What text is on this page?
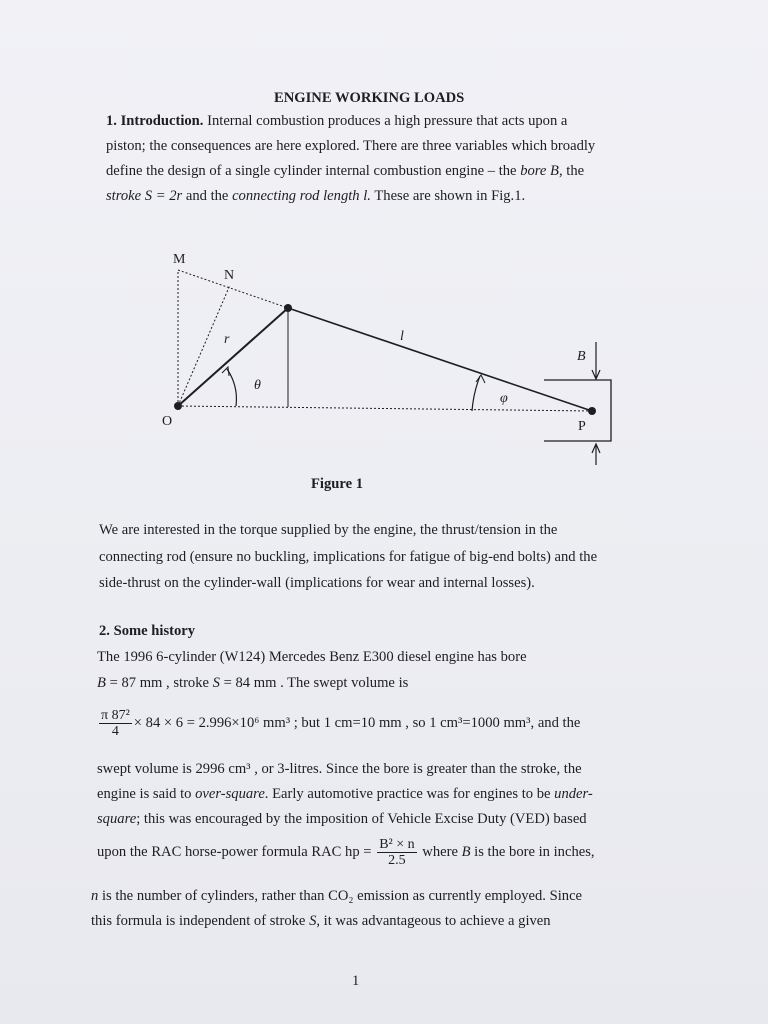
ENGINE WORKING LOADS
1. Introduction. Internal combustion produces a high pressure that acts upon a
piston; the consequences are here explored. There are three variables which broadly
define the design of a single cylinder internal combustion engine – the bore B, the
stroke S = 2r and the connecting rod length l. These are shown in Fig.1.
M
N
r	l
θ
φ
O	P
B
Figure 1
We are interested in the torque supplied by the engine, the thrust/tension in the
connecting rod (ensure no buckling, implications for fatigue of big-end bolts) and the
side-thrust on the cylinder-wall (implications for wear and internal losses).
2. Some history
The 1996 6-cylinder (W124) Mercedes Benz E300 diesel engine has bore
B = 87 mm , stroke S = 84 mm . The swept volume is
$\frac{\text{π 87²}}{4} \times 84 \times 6 = 2.996\times 10^6$ mm³ ; but 1 cm=10 mm , so 1 cm³=1000 mm³, and the
swept volume is 2996 cm³ , or 3-litres. Since the bore is greater than the stroke, the
engine is said to over-square. Early automotive practice was for engines to be under-
square; this was encouraged by the imposition of Vehicle Excise Duty (VED) based
upon the RAC horse-power formula RAC hp = $\frac{\text{B² × n}}{2.5}$ where B is the bore in inches,
n is the number of cylinders, rather than CO₂ emission as currently employed. Since
this formula is independent of stroke S, it was advantageous to achieve a given
1
